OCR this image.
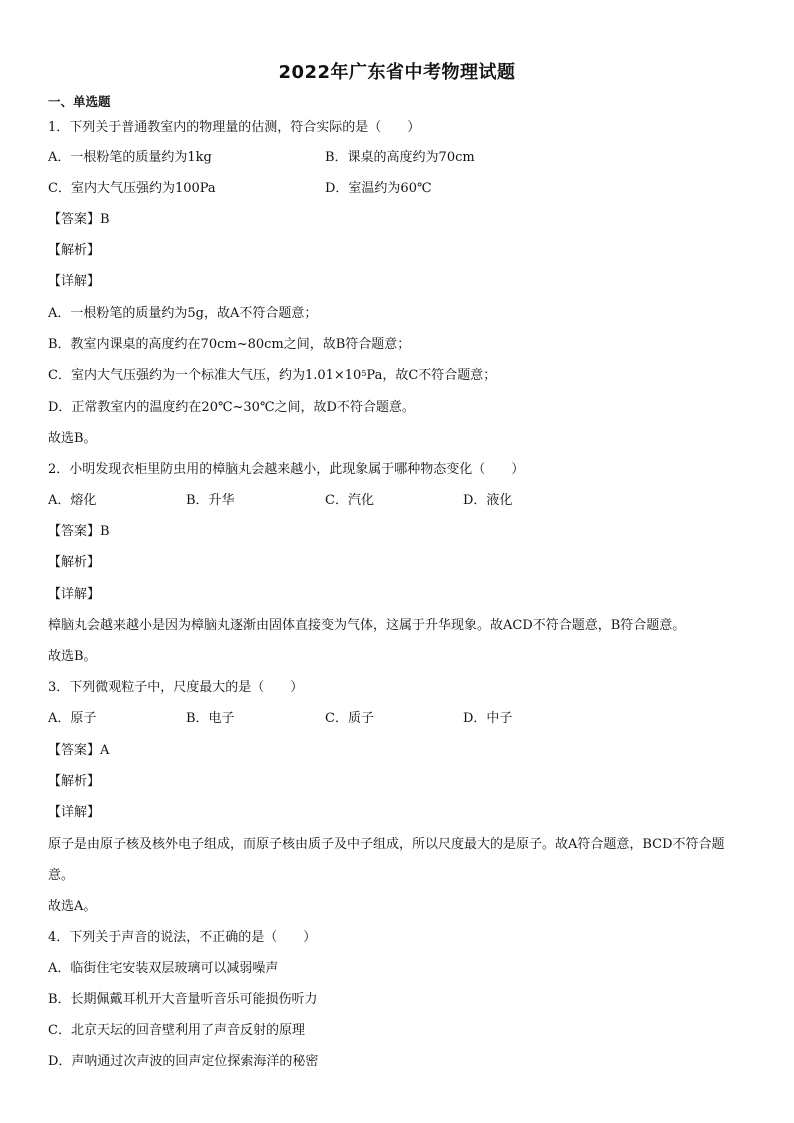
2022年广东省中考物理试题
一、单选题
1．下列关于普通教室内的物理量的估测，符合实际的是（　　）
A．一根粉笔的质量约为1kg	B．课桌的高度约为70cm
C．室内大气压强约为100Pa	D．室温约为60℃
【答案】B
【解析】
【详解】
A．一根粉笔的质量约为5g，故A不符合题意；
B．教室内课桌的高度约在70cm~80cm之间，故B符合题意；
C．室内大气压强约为一个标准大气压，约为$1.01\times 10^5Pa$，故C不符合题意；
D．正常教室内的温度约在20℃~30℃之间，故D不符合题意。
故选B。
2．小明发现衣柜里防虫用的樟脑丸会越来越小，此现象属于哪种物态变化（　　）
A．熔化	B．升华	C．汽化	D．液化
【答案】B
【解析】
【详解】
樟脑丸会越来越小是因为樟脑丸逐渐由固体直接变为气体，这属于升华现象。故ACD不符合题意，B符合题意。
故选B。
3．下列微观粒子中，尺度最大的是（　　）
A．原子	B．电子	C．质子	D．中子
【答案】A
【解析】
【详解】
原子是由原子核及核外电子组成，而原子核由质子及中子组成，所以尺度最大的是原子。故A符合题意，BCD不符合题意。
故选A。
4．下列关于声音的说法，不正确的是（　　）
A．临街住宅安装双层玻璃可以减弱噪声
B．长期佩戴耳机开大音量听音乐可能损伤听力
C．北京天坛的回音壁利用了声音反射的原理
D．声呐通过次声波的回声定位探索海洋的秘密
